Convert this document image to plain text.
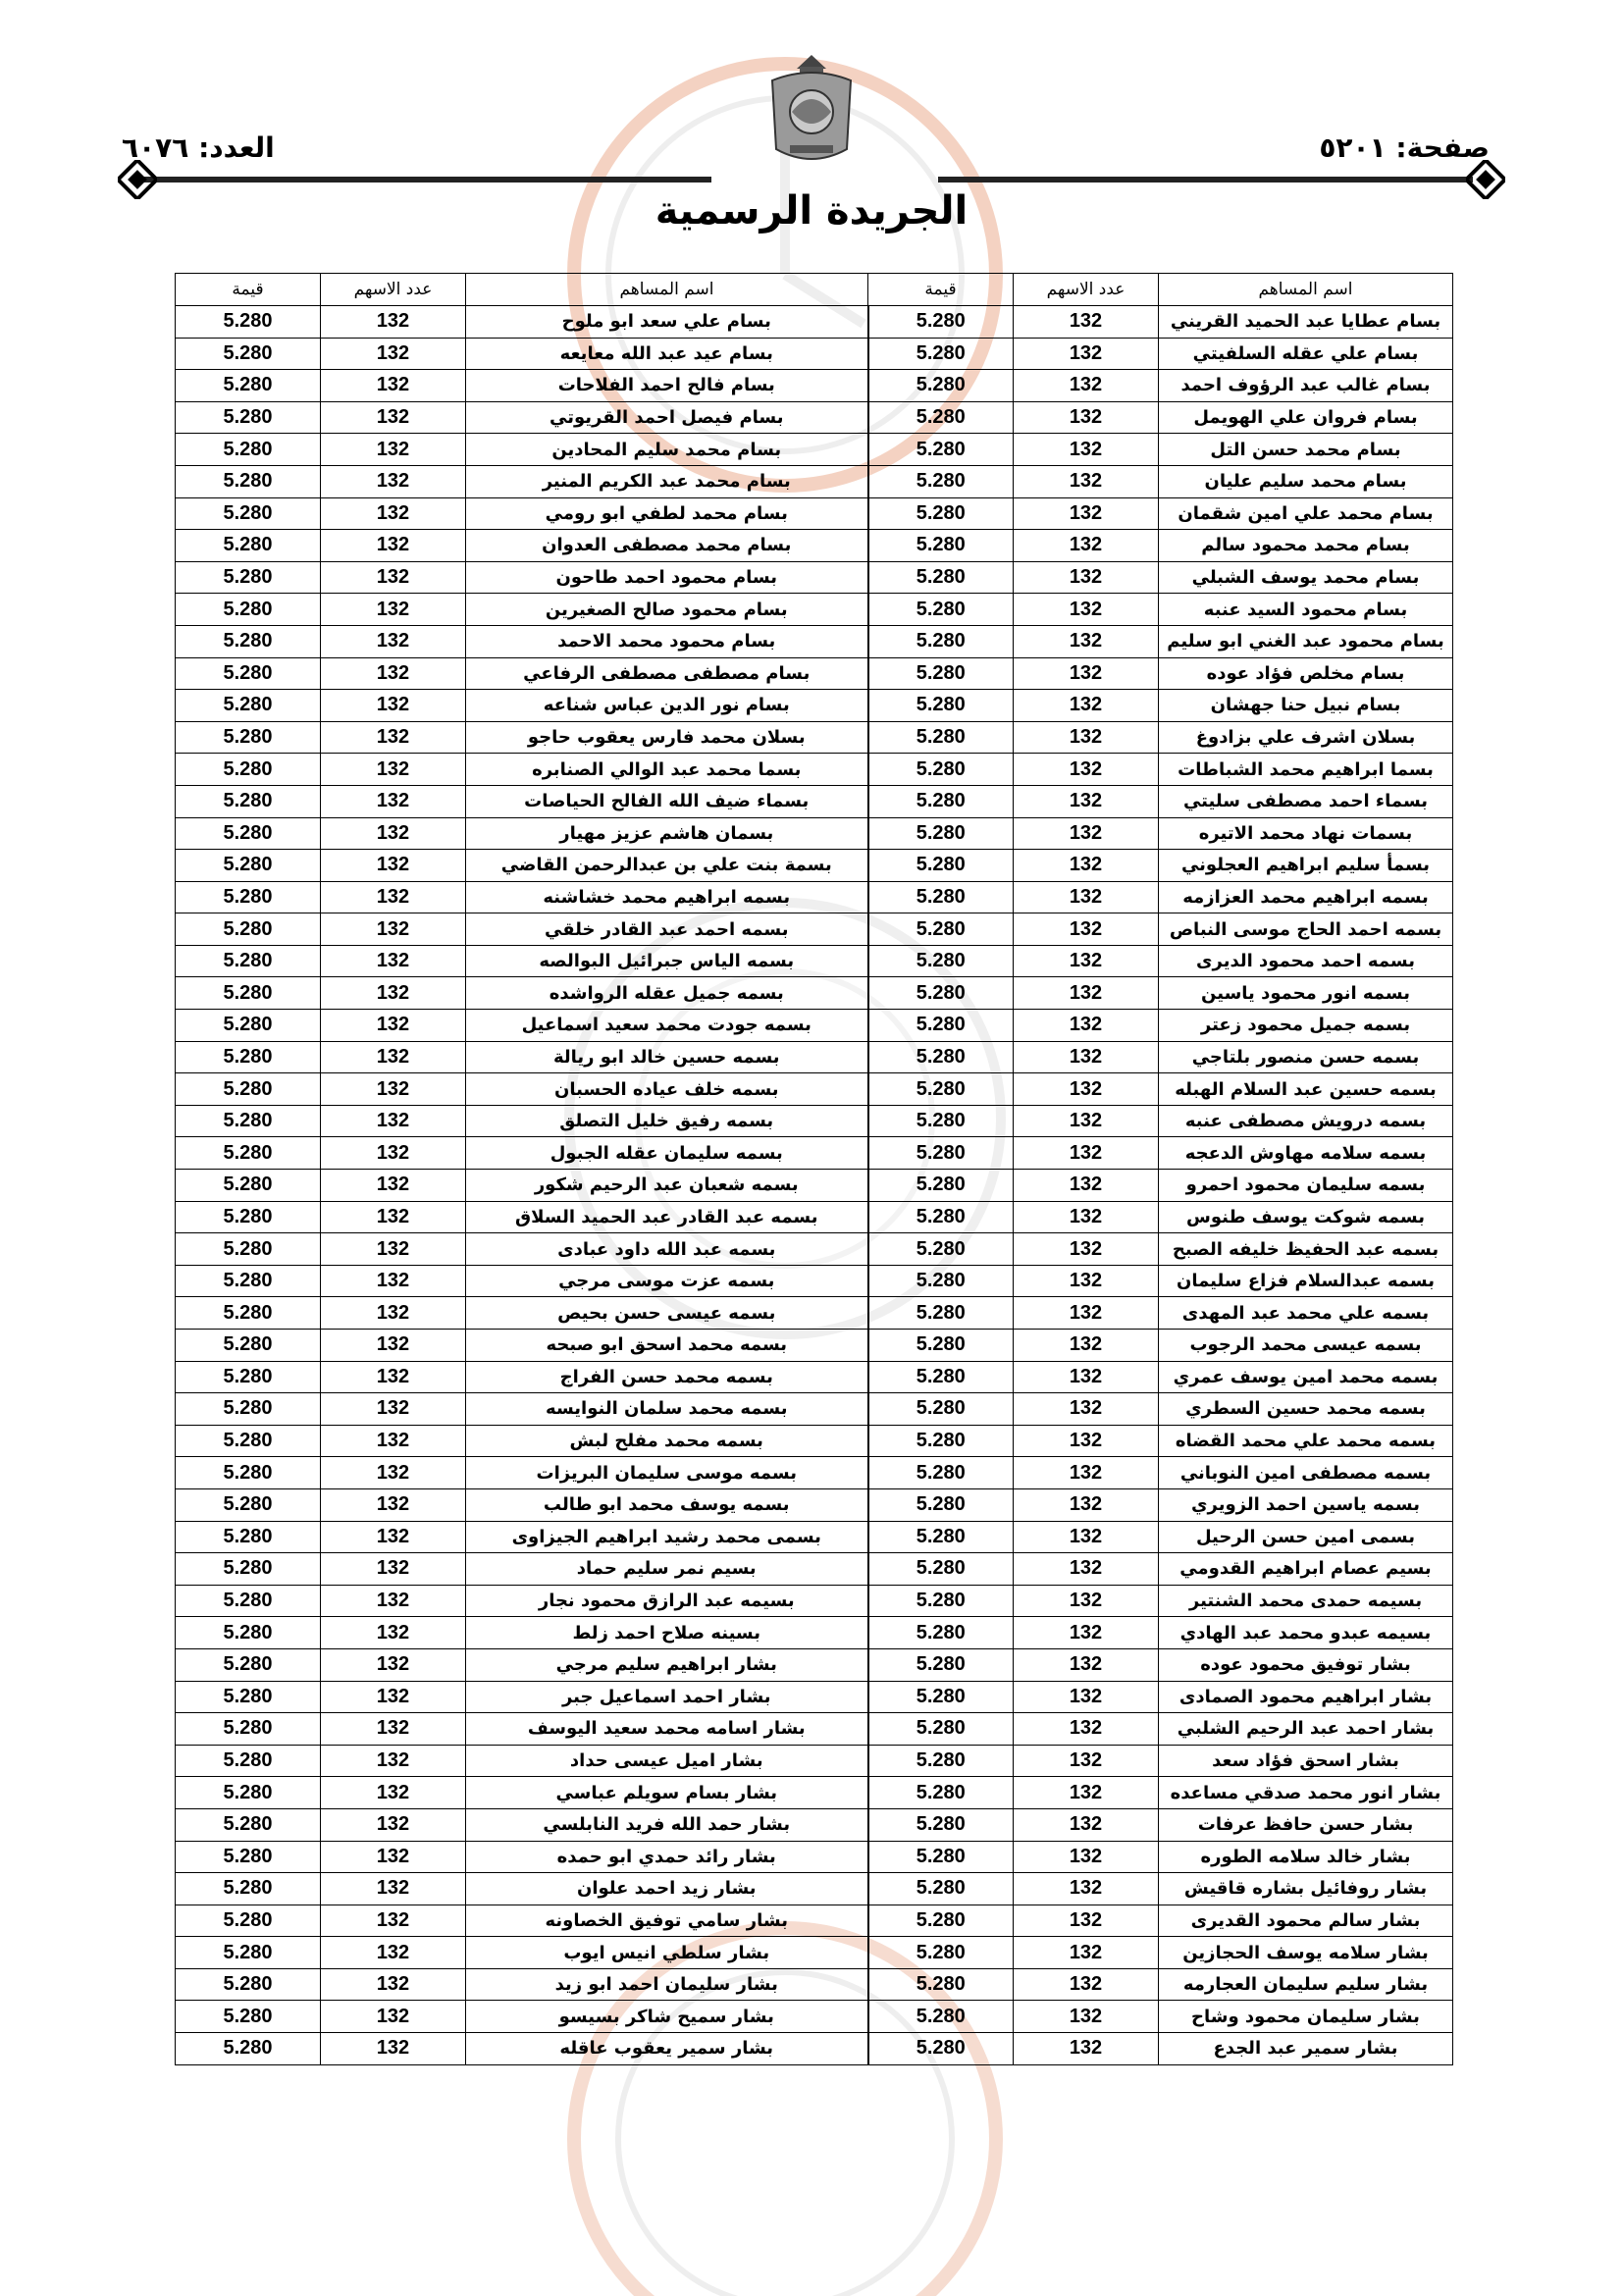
العدد: ٦٠٧٦	صفحة: ٥٢٠١
الجريدة الرسمية
اسم المساهم	عدد الاسهم	قيمة	اسم المساهم	عدد الاسهم	قيمة
بسام عطايا عبد الحميد القريني	132	5.280	بسام علي سعد ابو ملوح	132	5.280
بسام علي عقله السلفيتي	132	5.280	بسام عيد عبد الله معايعه	132	5.280
بسام غالب عبد الرؤوف احمد	132	5.280	بسام فالح احمد الفلاحات	132	5.280
بسام فروان علي الهويمل	132	5.280	بسام فيصل احمد القريوتي	132	5.280
بسام محمد حسن التل	132	5.280	بسام محمد سليم المحادين	132	5.280
بسام محمد سليم عليان	132	5.280	بسام محمد عبد الكريم المنير	132	5.280
بسام محمد علي امين شقمان	132	5.280	بسام محمد لطفي ابو رومي	132	5.280
بسام محمد محمود سالم	132	5.280	بسام محمد مصطفى العدوان	132	5.280
بسام محمد يوسف الشبلي	132	5.280	بسام محمود احمد طاحون	132	5.280
بسام محمود السيد عنبه	132	5.280	بسام محمود صالح الصغيرين	132	5.280
بسام محمود عبد الغني ابو سليم	132	5.280	بسام محمود محمد الاحمد	132	5.280
بسام مخلص فؤاد عوده	132	5.280	بسام مصطفى مصطفى الرفاعي	132	5.280
بسام نبيل حنا جهشان	132	5.280	بسام نور الدين عباس شناعه	132	5.280
بسلان اشرف علي بزادوغ	132	5.280	بسلان محمد فارس يعقوب حاجو	132	5.280
بسما ابراهيم محمد الشباطات	132	5.280	بسما محمد عبد الوالي الصنابره	132	5.280
بسماء احمد مصطفى سليتي	132	5.280	بسماء ضيف الله الفالح الحياصات	132	5.280
بسمات نهاد محمد الاتيره	132	5.280	بسمان هاشم عزيز مهيار	132	5.280
بسمأ سليم ابراهيم العجلوني	132	5.280	بسمة بنت علي بن عبدالرحمن القاضي	132	5.280
بسمه ابراهيم محمد العزازمه	132	5.280	بسمه ابراهيم محمد خشاشنه	132	5.280
بسمه احمد الحاج موسى النباص	132	5.280	بسمه احمد عبد القادر خلقي	132	5.280
بسمه احمد محمود الديرى	132	5.280	بسمه الياس جبرائيل البوالصه	132	5.280
بسمه انور محمود ياسين	132	5.280	بسمه جميل عقله الرواشده	132	5.280
بسمه جميل محمود زعتر	132	5.280	بسمه جودت محمد سعيد اسماعيل	132	5.280
بسمه حسن منصور بلتاجي	132	5.280	بسمه حسين خالد ابو ريالة	132	5.280
بسمه حسين عبد السلام الهبله	132	5.280	بسمه خلف عياده الحسبان	132	5.280
بسمه درويش مصطفى عنبه	132	5.280	بسمه رفيق خليل التصلق	132	5.280
بسمه سلامه مهاوش الدعجه	132	5.280	بسمه سليمان عقله الجبول	132	5.280
بسمه سليمان محمود احمرو	132	5.280	بسمه شعبان عبد الرحيم شكور	132	5.280
بسمه شوكت يوسف طنوس	132	5.280	بسمه عبد القادر عبد الحميد السلاق	132	5.280
بسمه عبد الحفيظ خليفه الصبح	132	5.280	بسمه عبد الله داود عبادى	132	5.280
بسمه عبدالسلام فزاع سليمان	132	5.280	بسمه عزت موسى مرجي	132	5.280
بسمه علي محمد عبد المهدى	132	5.280	بسمه عيسى حسن بحيص	132	5.280
بسمه عيسى محمد الرجوب	132	5.280	بسمه محمد اسحق ابو صبحه	132	5.280
بسمه محمد امين يوسف عمري	132	5.280	بسمه محمد حسن الفراج	132	5.280
بسمه محمد حسين السطري	132	5.280	بسمه محمد سلمان النوايسه	132	5.280
بسمه محمد علي محمد القضاه	132	5.280	بسمه محمد مفلح لبش	132	5.280
بسمه مصطفى امين النوباني	132	5.280	بسمه موسى سليمان البريزات	132	5.280
بسمه ياسين احمد الزويري	132	5.280	بسمه يوسف محمد ابو طالب	132	5.280
بسمى امين حسن الرحيل	132	5.280	بسمى محمد رشيد ابراهيم الجيزاوى	132	5.280
بسيم عصام ابراهيم القدومي	132	5.280	بسيم نمر سليم حماد	132	5.280
بسيمه حمدى محمد الشنتير	132	5.280	بسيمه عبد الرازق محمود نجار	132	5.280
بسيمه عبدو محمد عبد الهادي	132	5.280	بسينه صلاح احمد زلط	132	5.280
بشار توفيق محمود عوده	132	5.280	بشار ابراهيم سليم مرجي	132	5.280
بشار ابراهيم محمود الصمادى	132	5.280	بشار احمد اسماعيل جبر	132	5.280
بشار احمد عبد الرحيم الشلبي	132	5.280	بشار اسامه محمد سعيد اليوسف	132	5.280
بشار اسحق فؤاد سعد	132	5.280	بشار اميل عيسى حداد	132	5.280
بشار انور محمد صدقي مساعده	132	5.280	بشار بسام سويلم عباسي	132	5.280
بشار حسن حافظ عرفات	132	5.280	بشار حمد الله فريد النابلسي	132	5.280
بشار خالد سلامه الطوره	132	5.280	بشار رائد حمدي ابو حمده	132	5.280
بشار روفائيل بشاره قاقيش	132	5.280	بشار زيد احمد علوان	132	5.280
بشار سالم محمود القديرى	132	5.280	بشار سامي توفيق الخصاونه	132	5.280
بشار سلامه يوسف الحجازين	132	5.280	بشار سلطي انيس ايوب	132	5.280
بشار سليم سليمان العجارمه	132	5.280	بشار سليمان احمد ابو زيد	132	5.280
بشار سليمان محمود وشاح	132	5.280	بشار سميح شاكر بسيسو	132	5.280
بشار سمير عبد الجدع	132	5.280	بشار سمير يعقوب عاقله	132	5.280
